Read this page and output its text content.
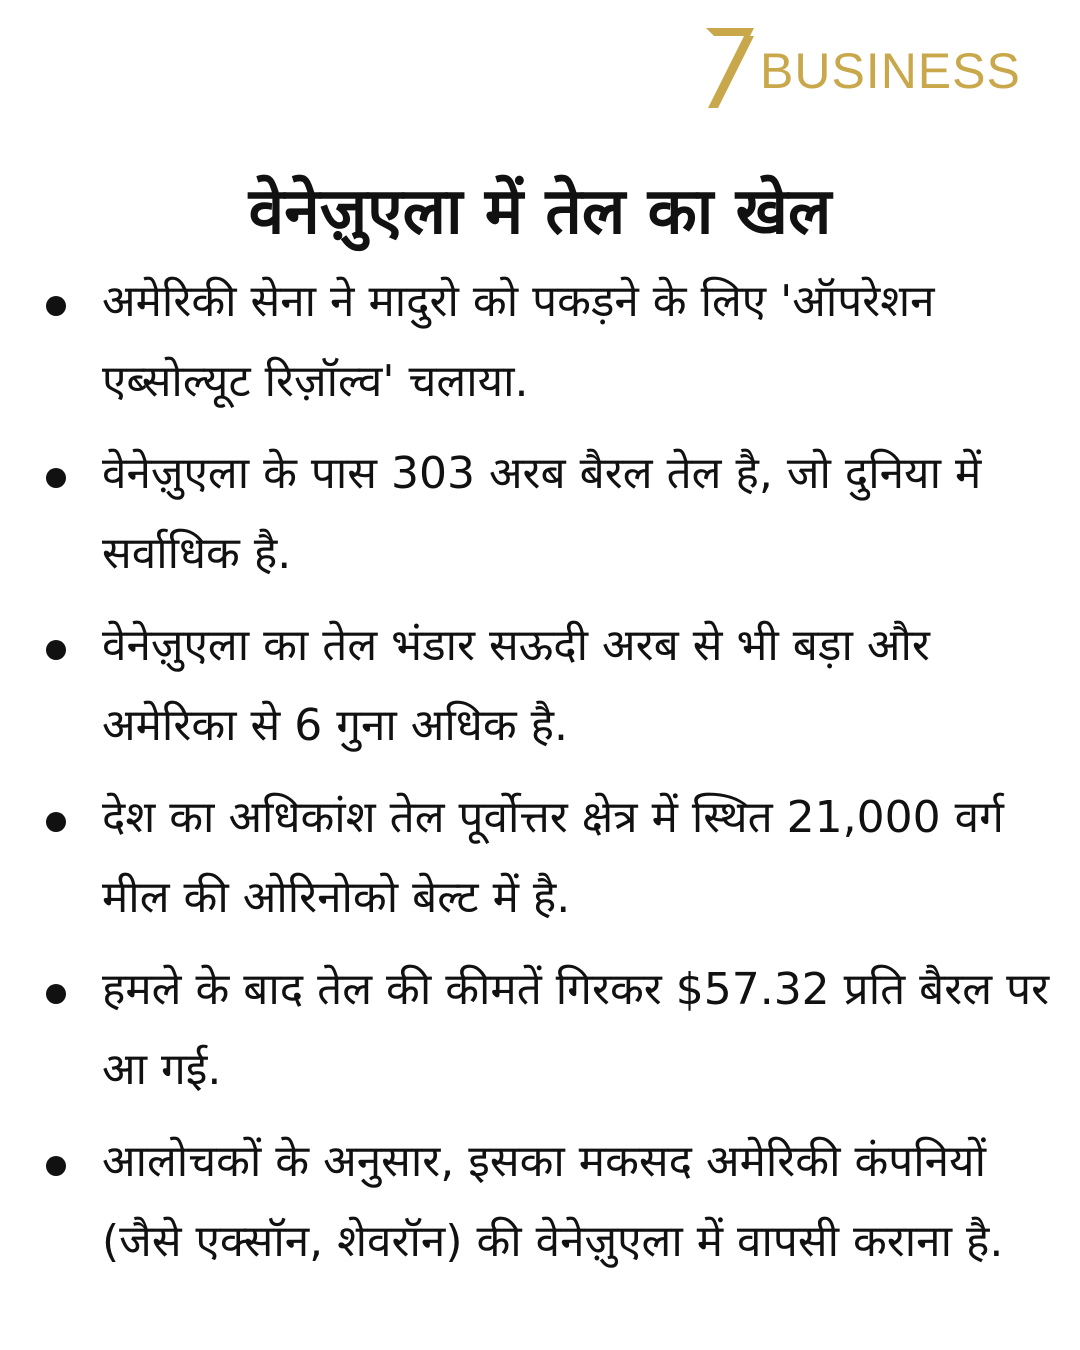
BUSINESS
वेनेज़ुएला में तेल का खेल
अमेरिकी सेना ने मादुरो को पकड़ने के लिए 'ऑपरेशन एब्सोल्यूट रिज़ॉल्व' चलाया.
वेनेज़ुएला के पास 303 अरब बैरल तेल है, जो दुनिया में सर्वाधिक है.
वेनेज़ुएला का तेल भंडार सऊदी अरब से भी बड़ा और अमेरिका से 6 गुना अधिक है.
देश का अधिकांश तेल पूर्वोत्तर क्षेत्र में स्थित 21,000 वर्ग मील की ओरिनोको बेल्ट में है.
हमले के बाद तेल की कीमतें गिरकर $57.32 प्रति बैरल पर आ गई.
आलोचकों के अनुसार, इसका मकसद अमेरिकी कंपनियों (जैसे एक्सॉन, शेवरॉन) की वेनेज़ुएला में वापसी कराना है.
